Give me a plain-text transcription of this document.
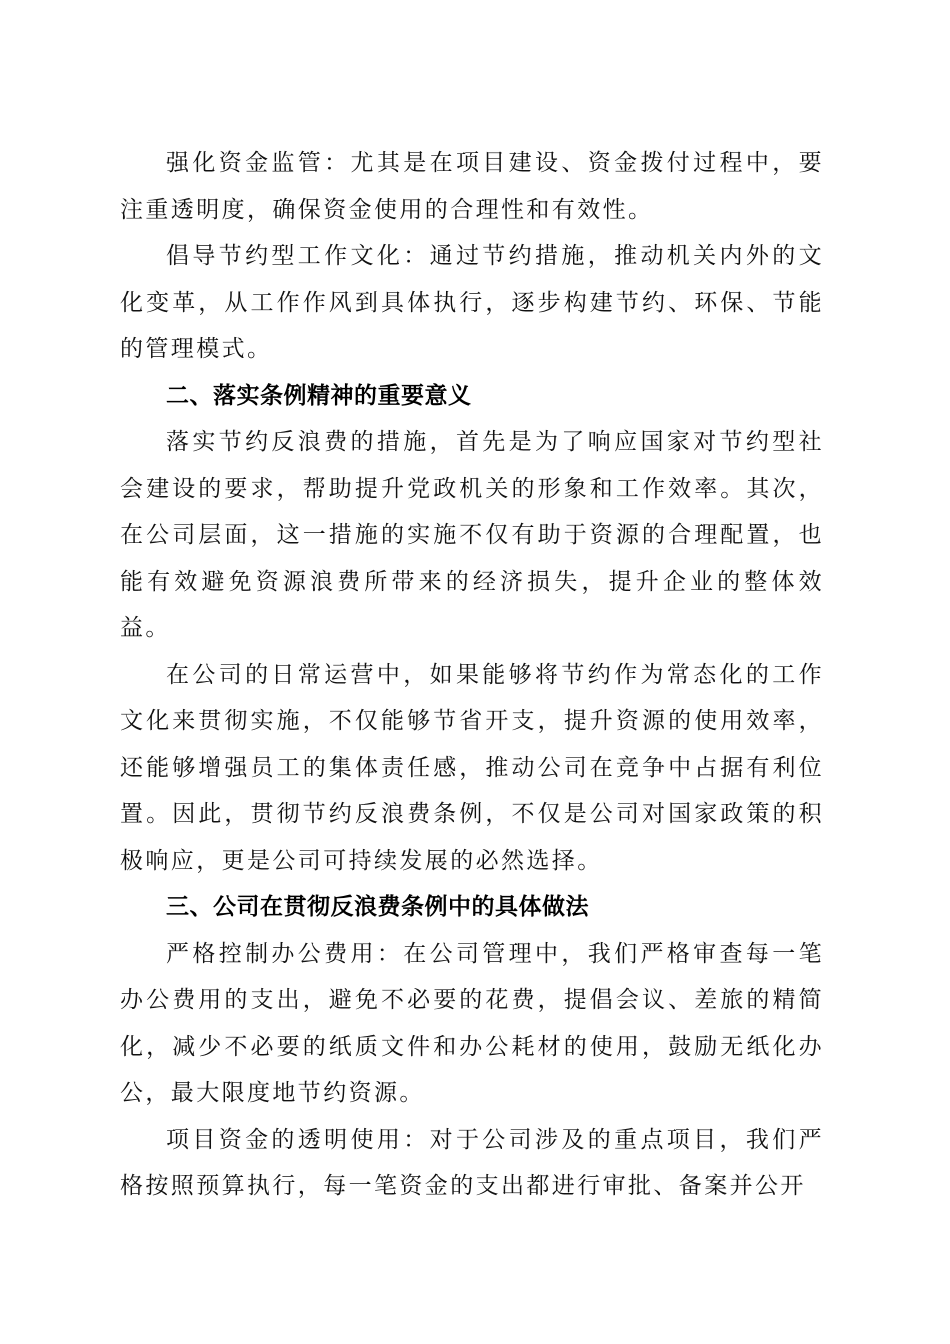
强化资金监管：尤其是在项目建设、资金拨付过程中，要注重透明度，确保资金使用的合理性和有效性。

倡导节约型工作文化：通过节约措施，推动机关内外的文化变革，从工作作风到具体执行，逐步构建节约、环保、节能的管理模式。

二、落实条例精神的重要意义

落实节约反浪费的措施，首先是为了响应国家对节约型社会建设的要求，帮助提升党政机关的形象和工作效率。其次，在公司层面，这一措施的实施不仅有助于资源的合理配置，也能有效避免资源浪费所带来的经济损失，提升企业的整体效益。

在公司的日常运营中，如果能够将节约作为常态化的工作文化来贯彻实施，不仅能够节省开支，提升资源的使用效率，还能够增强员工的集体责任感，推动公司在竞争中占据有利位置。因此，贯彻节约反浪费条例，不仅是公司对国家政策的积极响应，更是公司可持续发展的必然选择。

三、公司在贯彻反浪费条例中的具体做法

严格控制办公费用：在公司管理中，我们严格审查每一笔办公费用的支出，避免不必要的花费，提倡会议、差旅的精简化，减少不必要的纸质文件和办公耗材的使用，鼓励无纸化办公，最大限度地节约资源。

项目资金的透明使用：对于公司涉及的重点项目，我们严格按照预算执行，每一笔资金的支出都进行审批、备案并公开
